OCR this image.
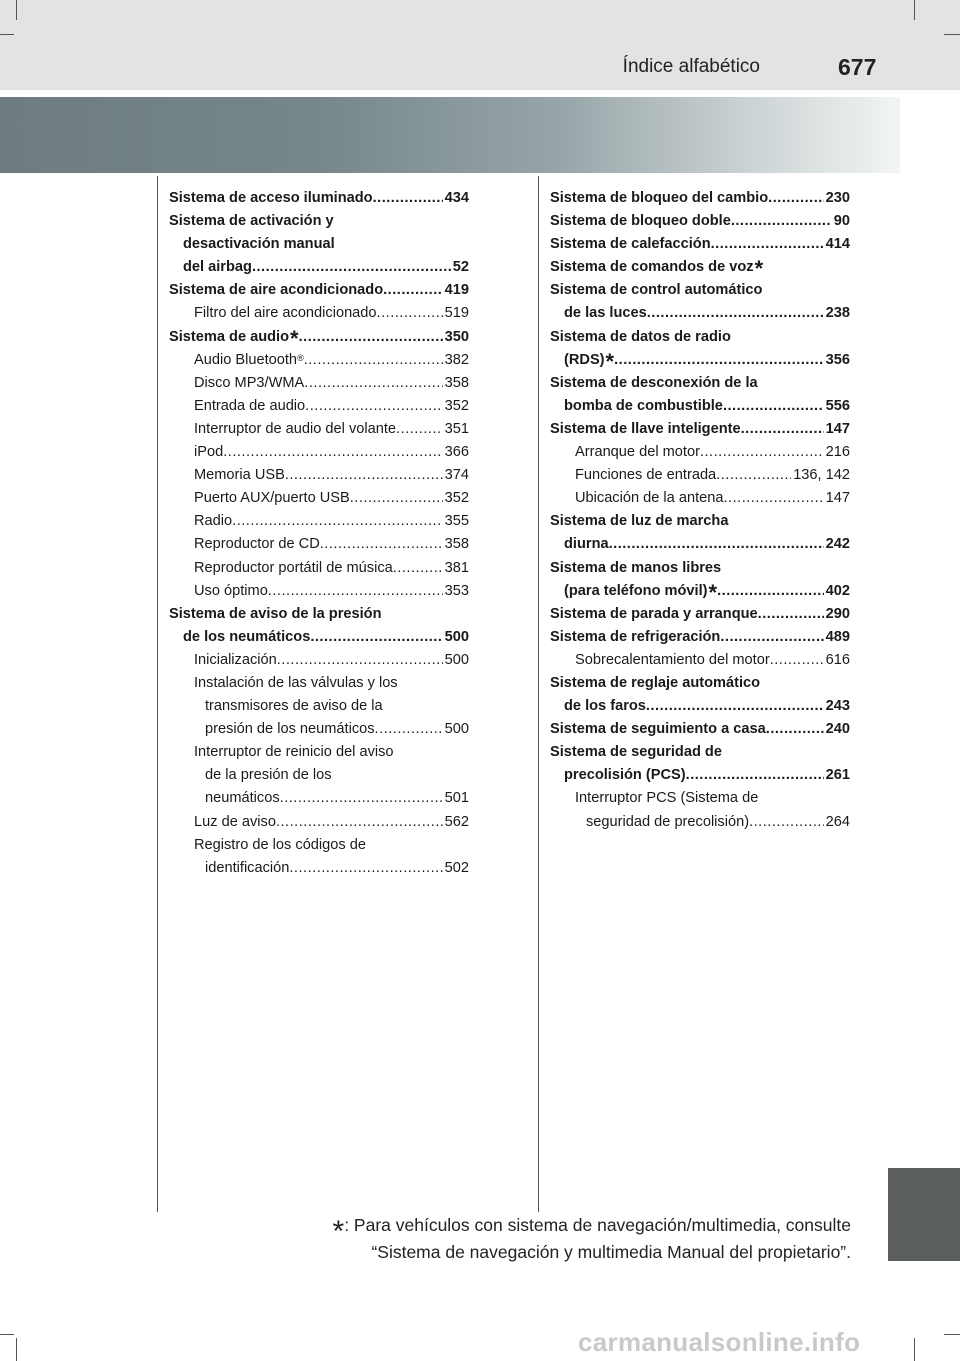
Índice alfabético	677
Sistema de acceso iluminado .....	434
Sistema de activación y
desactivación manual
del airbag .....	52
Sistema de aire acondicionado .....	419
Filtro del aire acondicionado .....	519
Sistema de audio* .....	350
Audio Bluetooth® .....	382
Disco MP3/WMA .....	358
Entrada de audio .....	352
Interruptor de audio del volante .....	351
iPod .....	366
Memoria USB .....	374
Puerto AUX/puerto USB .....	352
Radio .....	355
Reproductor de CD .....	358
Reproductor portátil de música .....	381
Uso óptimo .....	353
Sistema de aviso de la presión
de los neumáticos .....	500
Inicialización .....	500
Instalación de las válvulas y los
transmisores de aviso de la
presión de los neumáticos .....	500
Interruptor de reinicio del aviso
de la presión de los
neumáticos .....	501
Luz de aviso .....	562
Registro de los códigos de
identificación .....	502
Sistema de bloqueo del cambio .....	230
Sistema de bloqueo doble .....	90
Sistema de calefacción .....	414
Sistema de comandos de voz*
Sistema de control automático
de las luces .....	238
Sistema de datos de radio
(RDS)* .....	356
Sistema de desconexión de la
bomba de combustible .....	556
Sistema de llave inteligente .....	147
Arranque del motor .....	216
Funciones de entrada .....	136, 142
Ubicación de la antena .....	147
Sistema de luz de marcha
diurna .....	242
Sistema de manos libres
(para teléfono móvil)* .....	402
Sistema de parada y arranque .....	290
Sistema de refrigeración .....	489
Sobrecalentamiento del motor .....	616
Sistema de reglaje automático
de los faros .....	243
Sistema de seguimiento a casa .....	240
Sistema de seguridad de
precolisión (PCS) .....	261
Interruptor PCS (Sistema de
seguridad de precolisión) .....	264
*: Para vehículos con sistema de navegación/multimedia, consulte
“Sistema de navegación y multimedia Manual del propietario”.
carmanualsonline.info
